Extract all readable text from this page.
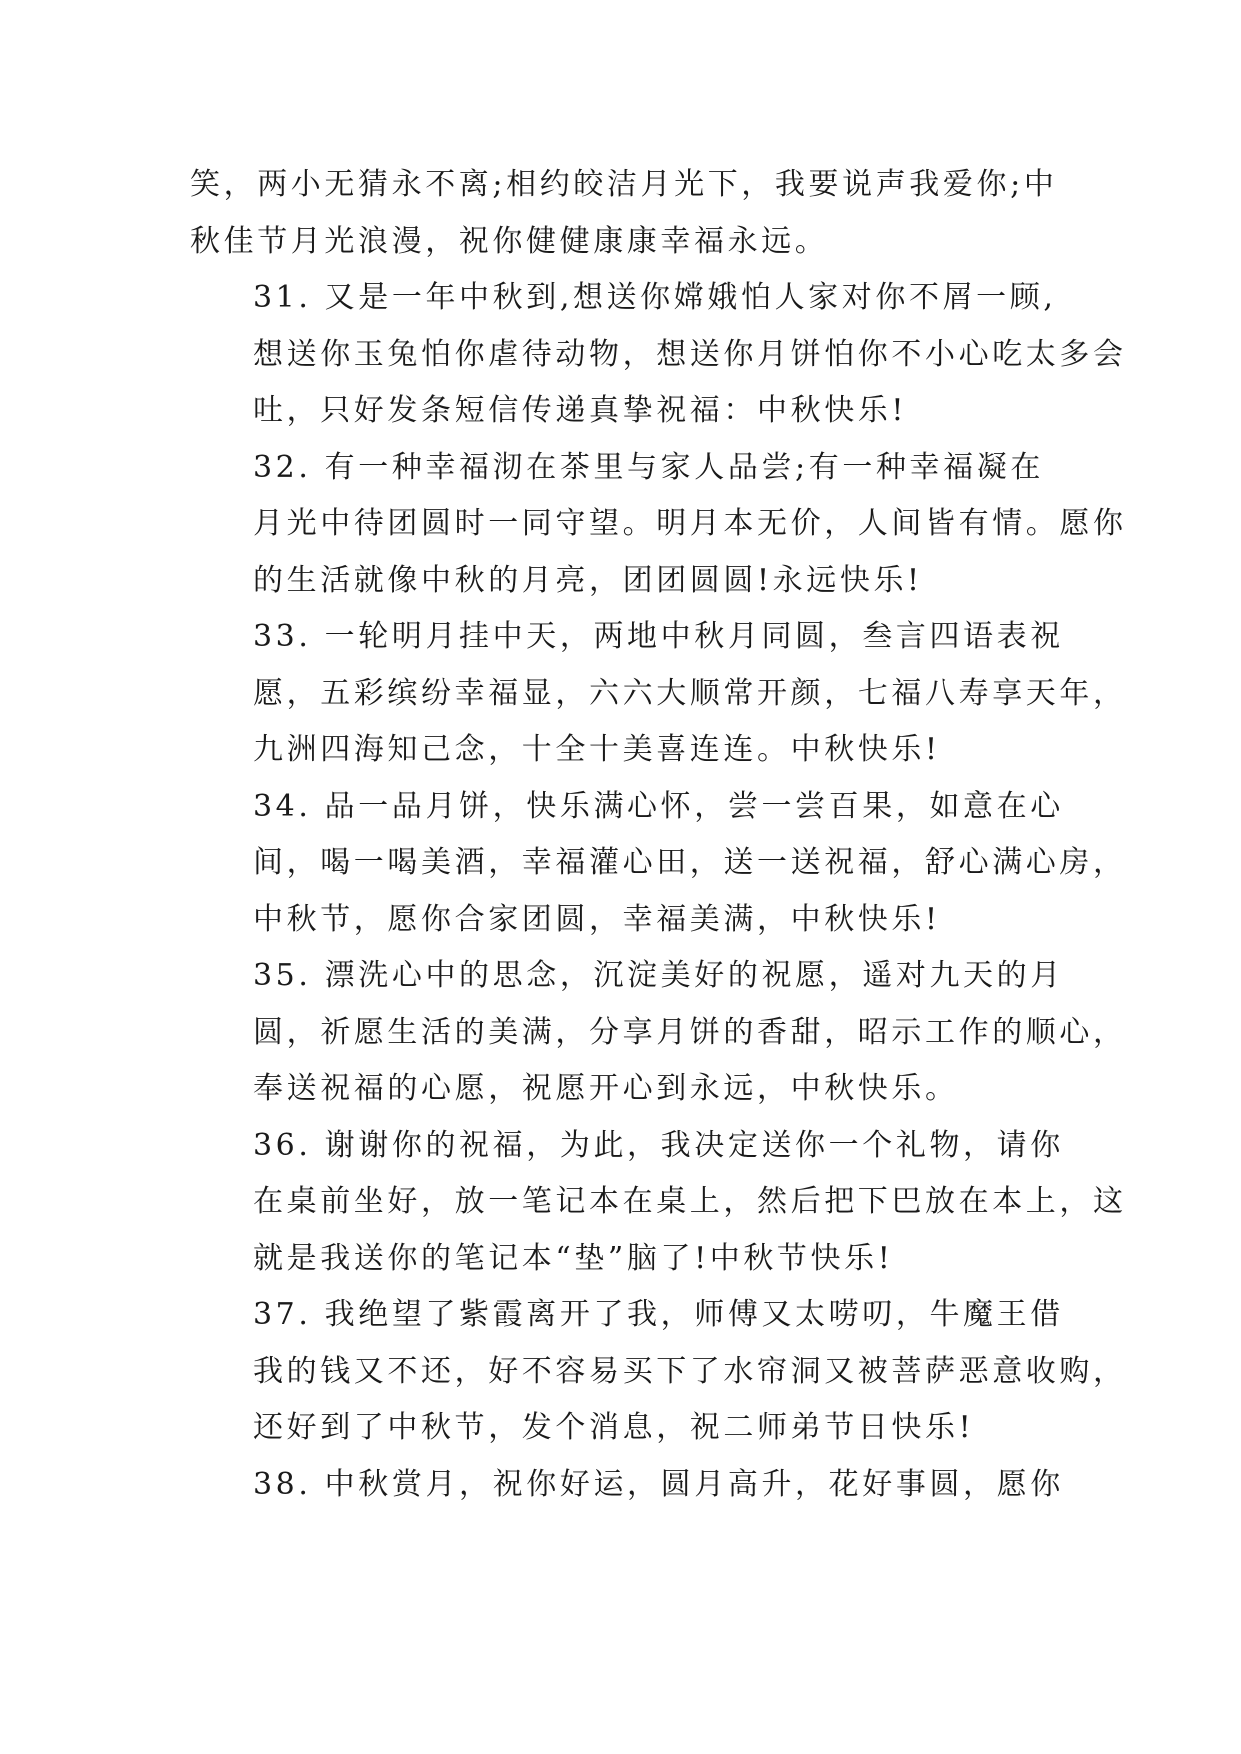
笑，两小无猜永不离;相约皎洁月光下，我要说声我爱你;中
秋佳节月光浪漫，祝你健健康康幸福永远。

31. 又是一年中秋到,想送你嫦娥怕人家对你不屑一顾,
想送你玉兔怕你虐待动物，想送你月饼怕你不小心吃太多会
吐，只好发条短信传递真挚祝福：中秋快乐!

32. 有一种幸福沏在茶里与家人品尝;有一种幸福凝在
月光中待团圆时一同守望。明月本无价，人间皆有情。愿你
的生活就像中秋的月亮，团团圆圆!永远快乐!

33. 一轮明月挂中天，两地中秋月同圆，叁言四语表祝
愿，五彩缤纷幸福显，六六大顺常开颜，七福八寿享天年，
九洲四海知己念，十全十美喜连连。中秋快乐!

34. 品一品月饼，快乐满心怀，尝一尝百果，如意在心
间，喝一喝美酒，幸福灌心田，送一送祝福，舒心满心房，
中秋节，愿你合家团圆，幸福美满，中秋快乐!

35. 漂洗心中的思念，沉淀美好的祝愿，遥对九天的月
圆，祈愿生活的美满，分享月饼的香甜，昭示工作的顺心，
奉送祝福的心愿，祝愿开心到永远，中秋快乐。

36. 谢谢你的祝福，为此，我决定送你一个礼物，请你
在桌前坐好，放一笔记本在桌上，然后把下巴放在本上，这
就是我送你的笔记本“垫”脑了!中秋节快乐!

37. 我绝望了紫霞离开了我，师傅又太唠叨，牛魔王借
我的钱又不还，好不容易买下了水帘洞又被菩萨恶意收购，
还好到了中秋节，发个消息，祝二师弟节日快乐!

38. 中秋赏月，祝你好运，圆月高升，花好事圆，愿你
